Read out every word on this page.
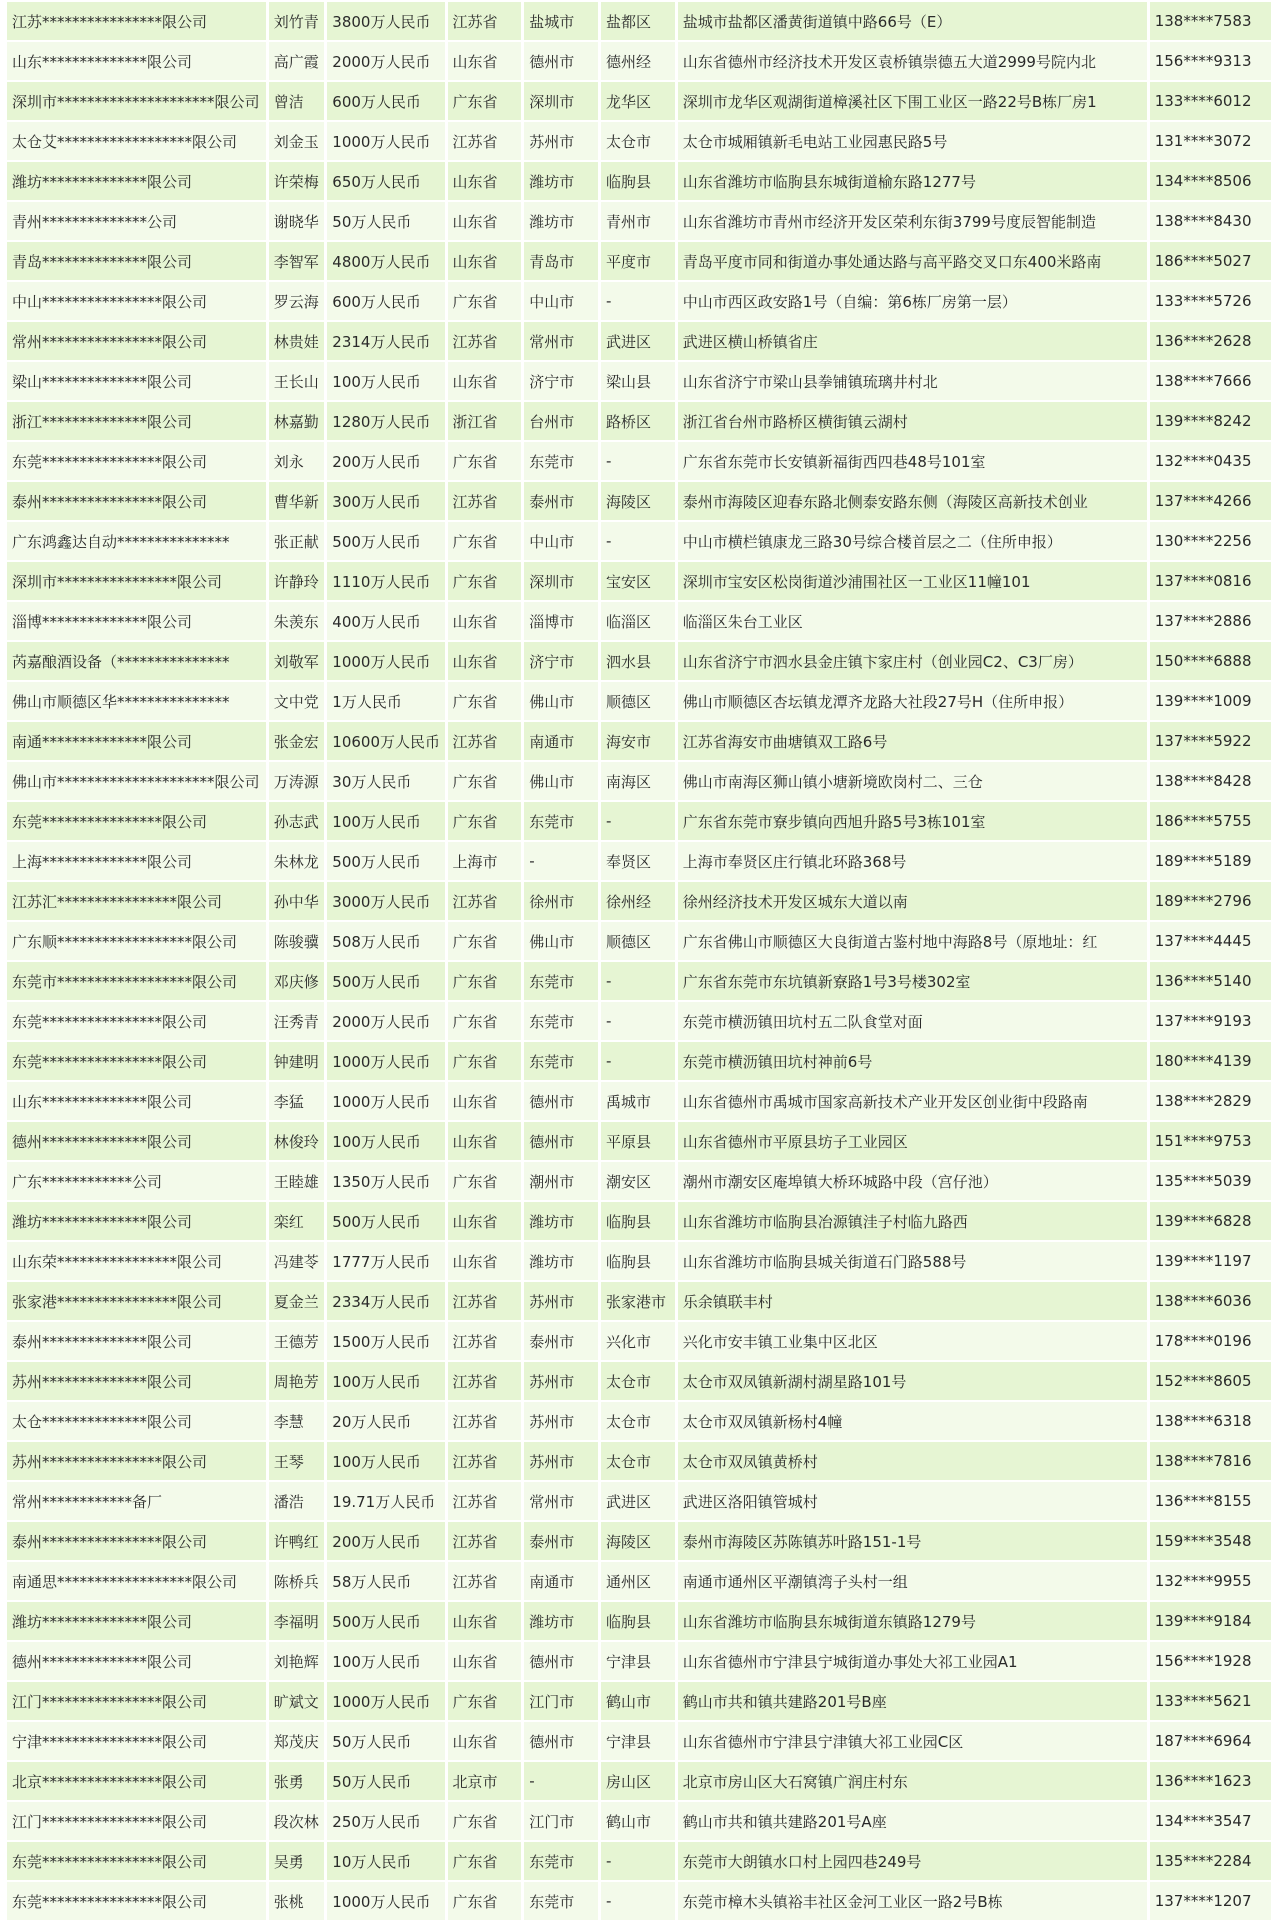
江苏****************限公司	刘竹青	3800万人民币	江苏省	盐城市	盐都区	盐城市盐都区潘黄街道镇中路66号（E）	138****7583
山东**************限公司	高广霞	2000万人民币	山东省	德州市	德州经	山东省德州市经济技术开发区袁桥镇崇德五大道2999号院内北	156****9313
深圳市*********************限公司	曾洁	600万人民币	广东省	深圳市	龙华区	深圳市龙华区观湖街道樟溪社区下围工业区一路22号B栋厂房1	133****6012
太仓艾******************限公司	刘金玉	1000万人民币	江苏省	苏州市	太仓市	太仓市城厢镇新毛电站工业园惠民路5号	131****3072
潍坊**************限公司	许荣梅	650万人民币	山东省	潍坊市	临朐县	山东省潍坊市临朐县东城街道榆东路1277号	134****8506
青州**************公司	谢晓华	50万人民币	山东省	潍坊市	青州市	山东省潍坊市青州市经济开发区荣利东街3799号度辰智能制造	138****8430
青岛**************限公司	李智军	4800万人民币	山东省	青岛市	平度市	青岛平度市同和街道办事处通达路与高平路交叉口东400米路南	186****5027
中山****************限公司	罗云海	600万人民币	广东省	中山市	-	中山市西区政安路1号（自编：第6栋厂房第一层）	133****5726
常州****************限公司	林贵娃	2314万人民币	江苏省	常州市	武进区	武进区横山桥镇省庄	136****2628
梁山**************限公司	王长山	100万人民币	山东省	济宁市	梁山县	山东省济宁市梁山县拳铺镇琉璃井村北	138****7666
浙江**************限公司	林嘉勤	1280万人民币	浙江省	台州市	路桥区	浙江省台州市路桥区横街镇云湖村	139****8242
东莞****************限公司	刘永	200万人民币	广东省	东莞市	-	广东省东莞市长安镇新福街西四巷48号101室	132****0435
泰州****************限公司	曹华新	300万人民币	江苏省	泰州市	海陵区	泰州市海陵区迎春东路北侧泰安路东侧（海陵区高新技术创业	137****4266
广东鸿鑫达自动***************	张正献	500万人民币	广东省	中山市	-	中山市横栏镇康龙三路30号综合楼首层之二（住所申报）	130****2256
深圳市****************限公司	许静玲	1110万人民币	广东省	深圳市	宝安区	深圳市宝安区松岗街道沙浦围社区一工业区11幢101	137****0816
淄博**************限公司	朱羡东	400万人民币	山东省	淄博市	临淄区	临淄区朱台工业区	137****2886
芮嘉酿酒设备（***************	刘敬军	1000万人民币	山东省	济宁市	泗水县	山东省济宁市泗水县金庄镇卞家庄村（创业园C2、C3厂房）	150****6888
佛山市顺德区华***************	文中党	1万人民币	广东省	佛山市	顺德区	佛山市顺德区杏坛镇龙潭齐龙路大社段27号H（住所申报）	139****1009
南通**************限公司	张金宏	10600万人民币	江苏省	南通市	海安市	江苏省海安市曲塘镇双工路6号	137****5922
佛山市*********************限公司	万涛源	30万人民币	广东省	佛山市	南海区	佛山市南海区狮山镇小塘新境欧岗村二、三仓	138****8428
东莞****************限公司	孙志武	100万人民币	广东省	东莞市	-	广东省东莞市寮步镇向西旭升路5号3栋101室	186****5755
上海**************限公司	朱林龙	500万人民币	上海市	-	奉贤区	上海市奉贤区庄行镇北环路368号	189****5189
江苏汇****************限公司	孙中华	3000万人民币	江苏省	徐州市	徐州经	徐州经济技术开发区城东大道以南	189****2796
广东顺******************限公司	陈骏骥	508万人民币	广东省	佛山市	顺德区	广东省佛山市顺德区大良街道古鉴村地中海路8号（原地址：红	137****4445
东莞市******************限公司	邓庆修	500万人民币	广东省	东莞市	-	广东省东莞市东坑镇新寮路1号3号楼302室	136****5140
东莞****************限公司	汪秀青	2000万人民币	广东省	东莞市	-	东莞市横沥镇田坑村五二队食堂对面	137****9193
东莞****************限公司	钟建明	1000万人民币	广东省	东莞市	-	东莞市横沥镇田坑村神前6号	180****4139
山东**************限公司	李猛	1000万人民币	山东省	德州市	禹城市	山东省德州市禹城市国家高新技术产业开发区创业街中段路南	138****2829
德州**************限公司	林俊玲	100万人民币	山东省	德州市	平原县	山东省德州市平原县坊子工业园区	151****9753
广东************公司	王睦雄	1350万人民币	广东省	潮州市	潮安区	潮州市潮安区庵埠镇大桥环城路中段（宫仔池）	135****5039
潍坊**************限公司	栾红	500万人民币	山东省	潍坊市	临朐县	山东省潍坊市临朐县冶源镇洼子村临九路西	139****6828
山东荣****************限公司	冯建苓	1777万人民币	山东省	潍坊市	临朐县	山东省潍坊市临朐县城关街道石门路588号	139****1197
张家港****************限公司	夏金兰	2334万人民币	江苏省	苏州市	张家港市	乐余镇联丰村	138****6036
泰州**************限公司	王德芳	1500万人民币	江苏省	泰州市	兴化市	兴化市安丰镇工业集中区北区	178****0196
苏州**************限公司	周艳芳	100万人民币	江苏省	苏州市	太仓市	太仓市双凤镇新湖村湖星路101号	152****8605
太仓**************限公司	李慧	20万人民币	江苏省	苏州市	太仓市	太仓市双凤镇新杨村4幢	138****6318
苏州****************限公司	王琴	100万人民币	江苏省	苏州市	太仓市	太仓市双凤镇黄桥村	138****7816
常州************备厂	潘浩	19.71万人民币	江苏省	常州市	武进区	武进区洛阳镇管城村	136****8155
泰州****************限公司	许鸭红	200万人民币	江苏省	泰州市	海陵区	泰州市海陵区苏陈镇苏叶路151-1号	159****3548
南通思******************限公司	陈桥兵	58万人民币	江苏省	南通市	通州区	南通市通州区平潮镇湾子头村一组	132****9955
潍坊**************限公司	李福明	500万人民币	山东省	潍坊市	临朐县	山东省潍坊市临朐县东城街道东镇路1279号	139****9184
德州**************限公司	刘艳辉	100万人民币	山东省	德州市	宁津县	山东省德州市宁津县宁城街道办事处大祁工业园A1	156****1928
江门****************限公司	旷斌文	1000万人民币	广东省	江门市	鹤山市	鹤山市共和镇共建路201号B座	133****5621
宁津****************限公司	郑茂庆	50万人民币	山东省	德州市	宁津县	山东省德州市宁津县宁津镇大祁工业园C区	187****6964
北京****************限公司	张勇	50万人民币	北京市	-	房山区	北京市房山区大石窝镇广润庄村东	136****1623
江门****************限公司	段次林	250万人民币	广东省	江门市	鹤山市	鹤山市共和镇共建路201号A座	134****3547
东莞****************限公司	吴勇	10万人民币	广东省	东莞市	-	东莞市大朗镇水口村上园四巷249号	135****2284
东莞****************限公司	张桃	1000万人民币	广东省	东莞市	-	东莞市樟木头镇裕丰社区金河工业区一路2号B栋	137****1207
